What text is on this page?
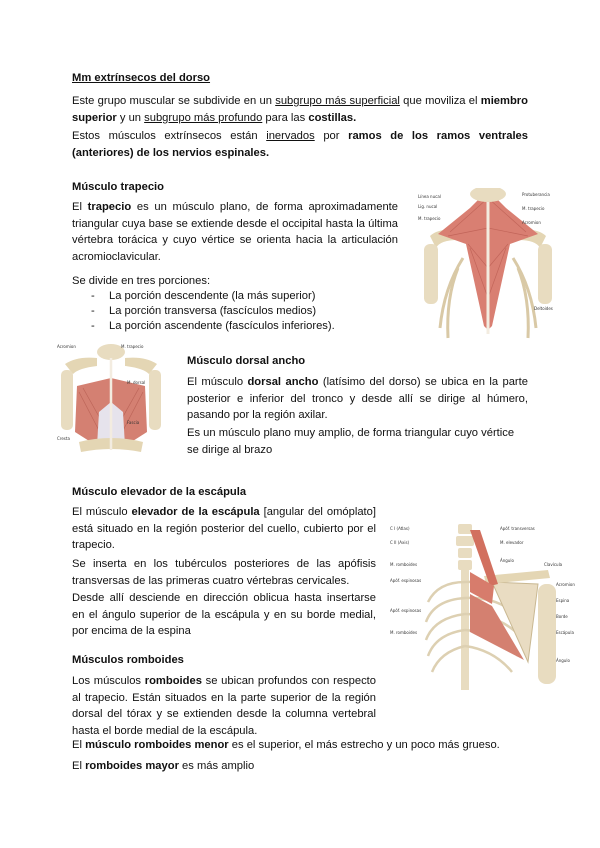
Mm extrínsecos del dorso

Este grupo muscular se subdivide en un subgrupo más superficial que moviliza el miembro superior y un subgrupo más profundo para las costillas.

Estos músculos extrínsecos están inervados por ramos de los ramos ventrales (anteriores) de los nervios espinales.

Músculo trapecio

El trapecio es un músculo plano, de forma aproximadamente triangular cuya base se extiende desde el occipital hasta la última vértebra torácica y cuyo vértice se orienta hacia la articulación acromioclavicular.

Se divide en tres porciones:

- La porción descendente (la más superior)
- La porción transversa (fascículos medios)
- La porción ascendente (fascículos inferiores).
Línea nucal
Lig. nucal
M. trapecio
Protuberancia
M. trapecio
Acromion
Deltoides
Acromion	M. trapecio
M. dorsal
Fascia
Cresta

Músculo dorsal ancho

El músculo dorsal ancho (latísimo del dorso) se ubica en la parte posterior e inferior del tronco y desde allí se dirige al húmero, pasando por la región axilar.

Es un músculo plano muy amplio, de forma triangular cuyo vértice se dirige al brazo

Músculo elevador de la escápula

El músculo elevador de la escápula [angular del omóplato] está situado en la región posterior del cuello, cubierto por el trapecio.

Se inserta en los tubérculos posteriores de las apófisis transversas de las primeras cuatro vértebras cervicales.

Desde allí desciende en dirección oblicua hasta insertarse en el ángulo superior de la escápula y en su borde medial, por encima de la espina

C I (Atlas)
C II (Axis)
M. romboides
Apóf. espinosas
Apóf. espinosas
M. romboides
Apóf. transversas
M. elevador
Ángulo
Clavícula
Acromion
Espina
Borde
Escápula
Ángulo

Músculos romboides

Los músculos romboides se ubican profundos con respecto al trapecio. Están situados en la parte superior de la región dorsal del tórax y se extienden desde la columna vertebral hasta el borde medial de la escápula.

El músculo romboides menor es el superior, el más estrecho y un poco más grueso.

El romboides mayor es más amplio
